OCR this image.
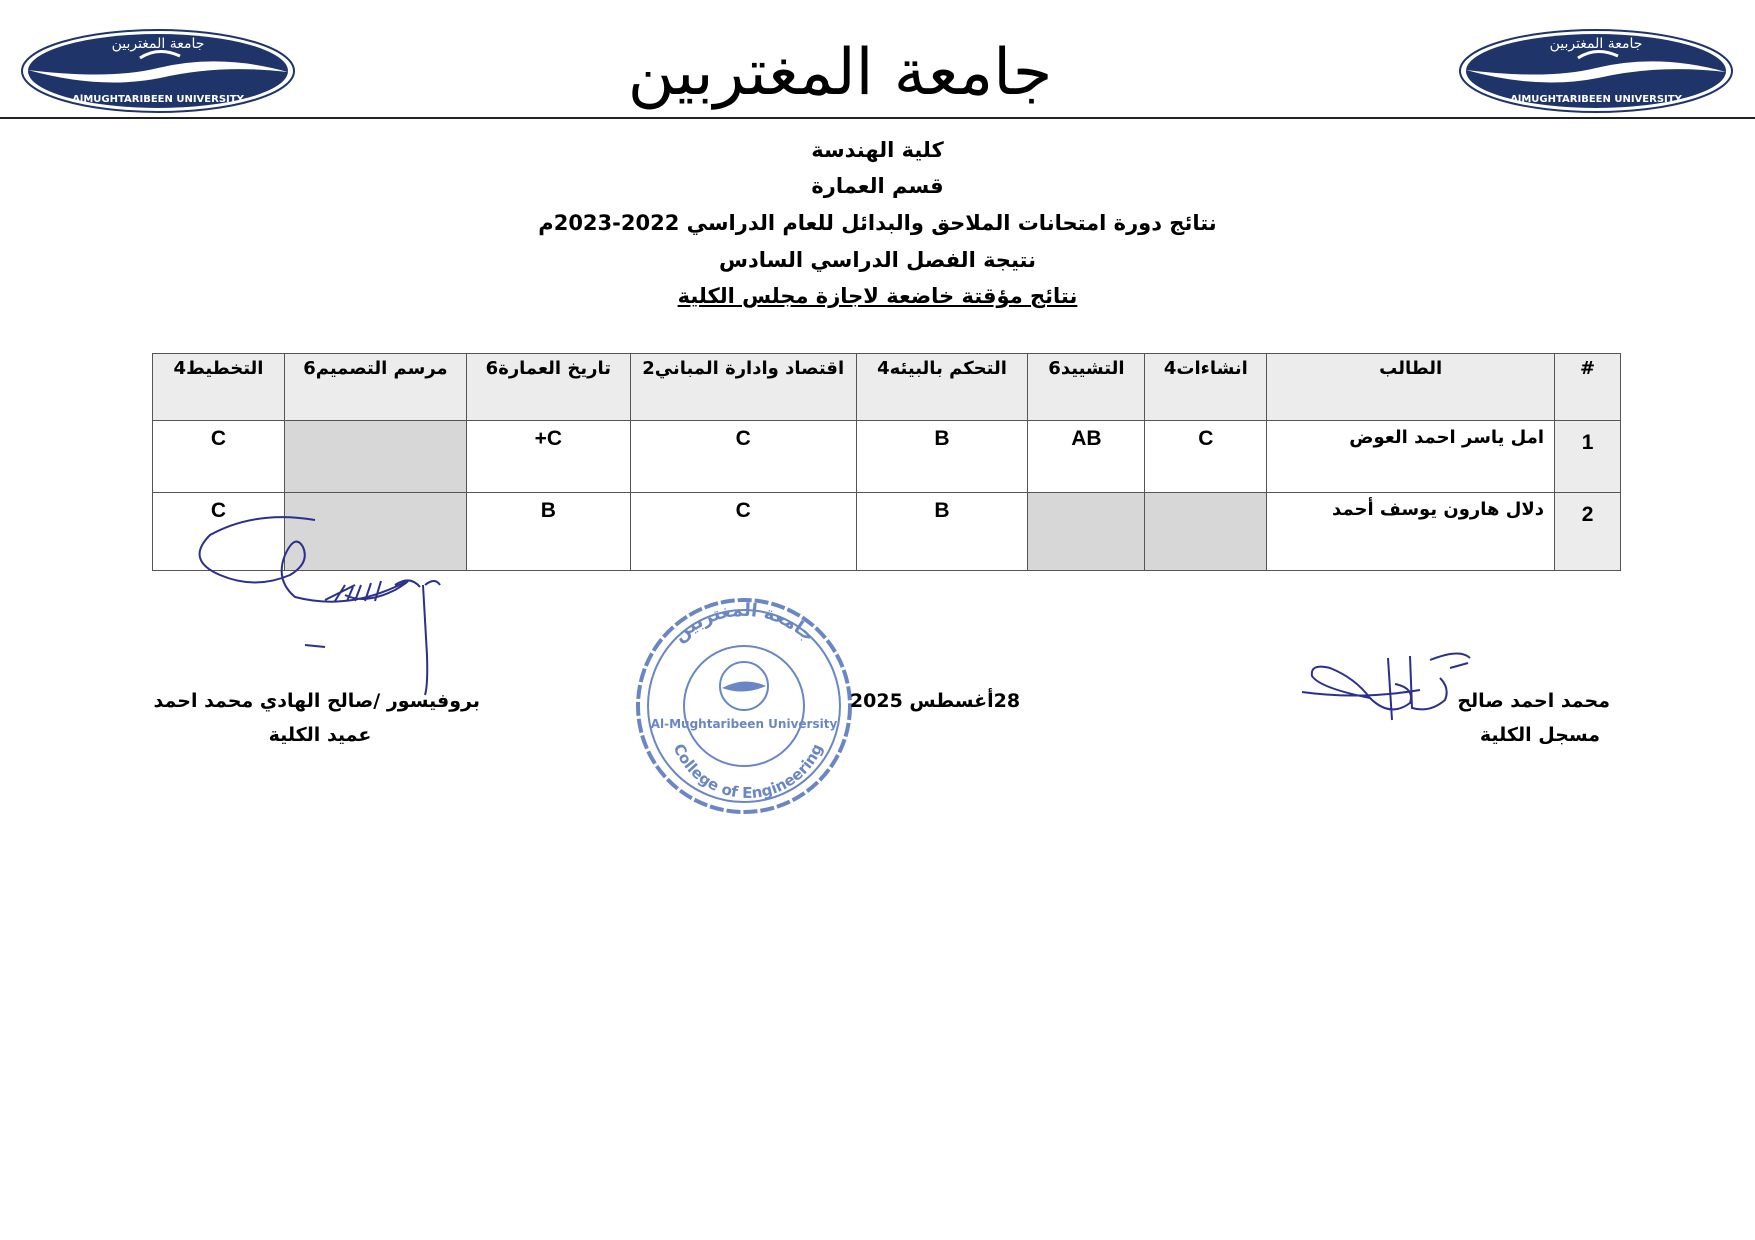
جامعة المغتربين
AlMUGHTARIBEEN UNIVERSITY	جامعة المغتربين	جامعة المغتربين
AlMUGHTARIBEEN UNIVERSITY
كلية الهندسة
قسم العمارة
نتائج دورة امتحانات الملاحق والبدائل للعام الدراسي 2022-2023م
نتيجة الفصل الدراسي السادس
نتائج مؤقتة خاضعة لاجازة مجلس الكلية
#	الطالب	انشاءات4	التشييد6	التحكم بالبيئه4	اقتصاد وادارة المباني2	تاريخ العمارة6	مرسم التصميم6	التخطيط4
1	امل ياسر احمد العوض	C	AB	B	C	C+		C
2	دلال هارون يوسف أحمد			B	C	B		C
بروفيسور /صالح الهادي محمد احمد
عميد الكلية
جامعة المغتربين
Al-Mughtaribeen University
College of Engineering
28أغسطس 2025	محمد احمد صالح
مسجل الكلية
